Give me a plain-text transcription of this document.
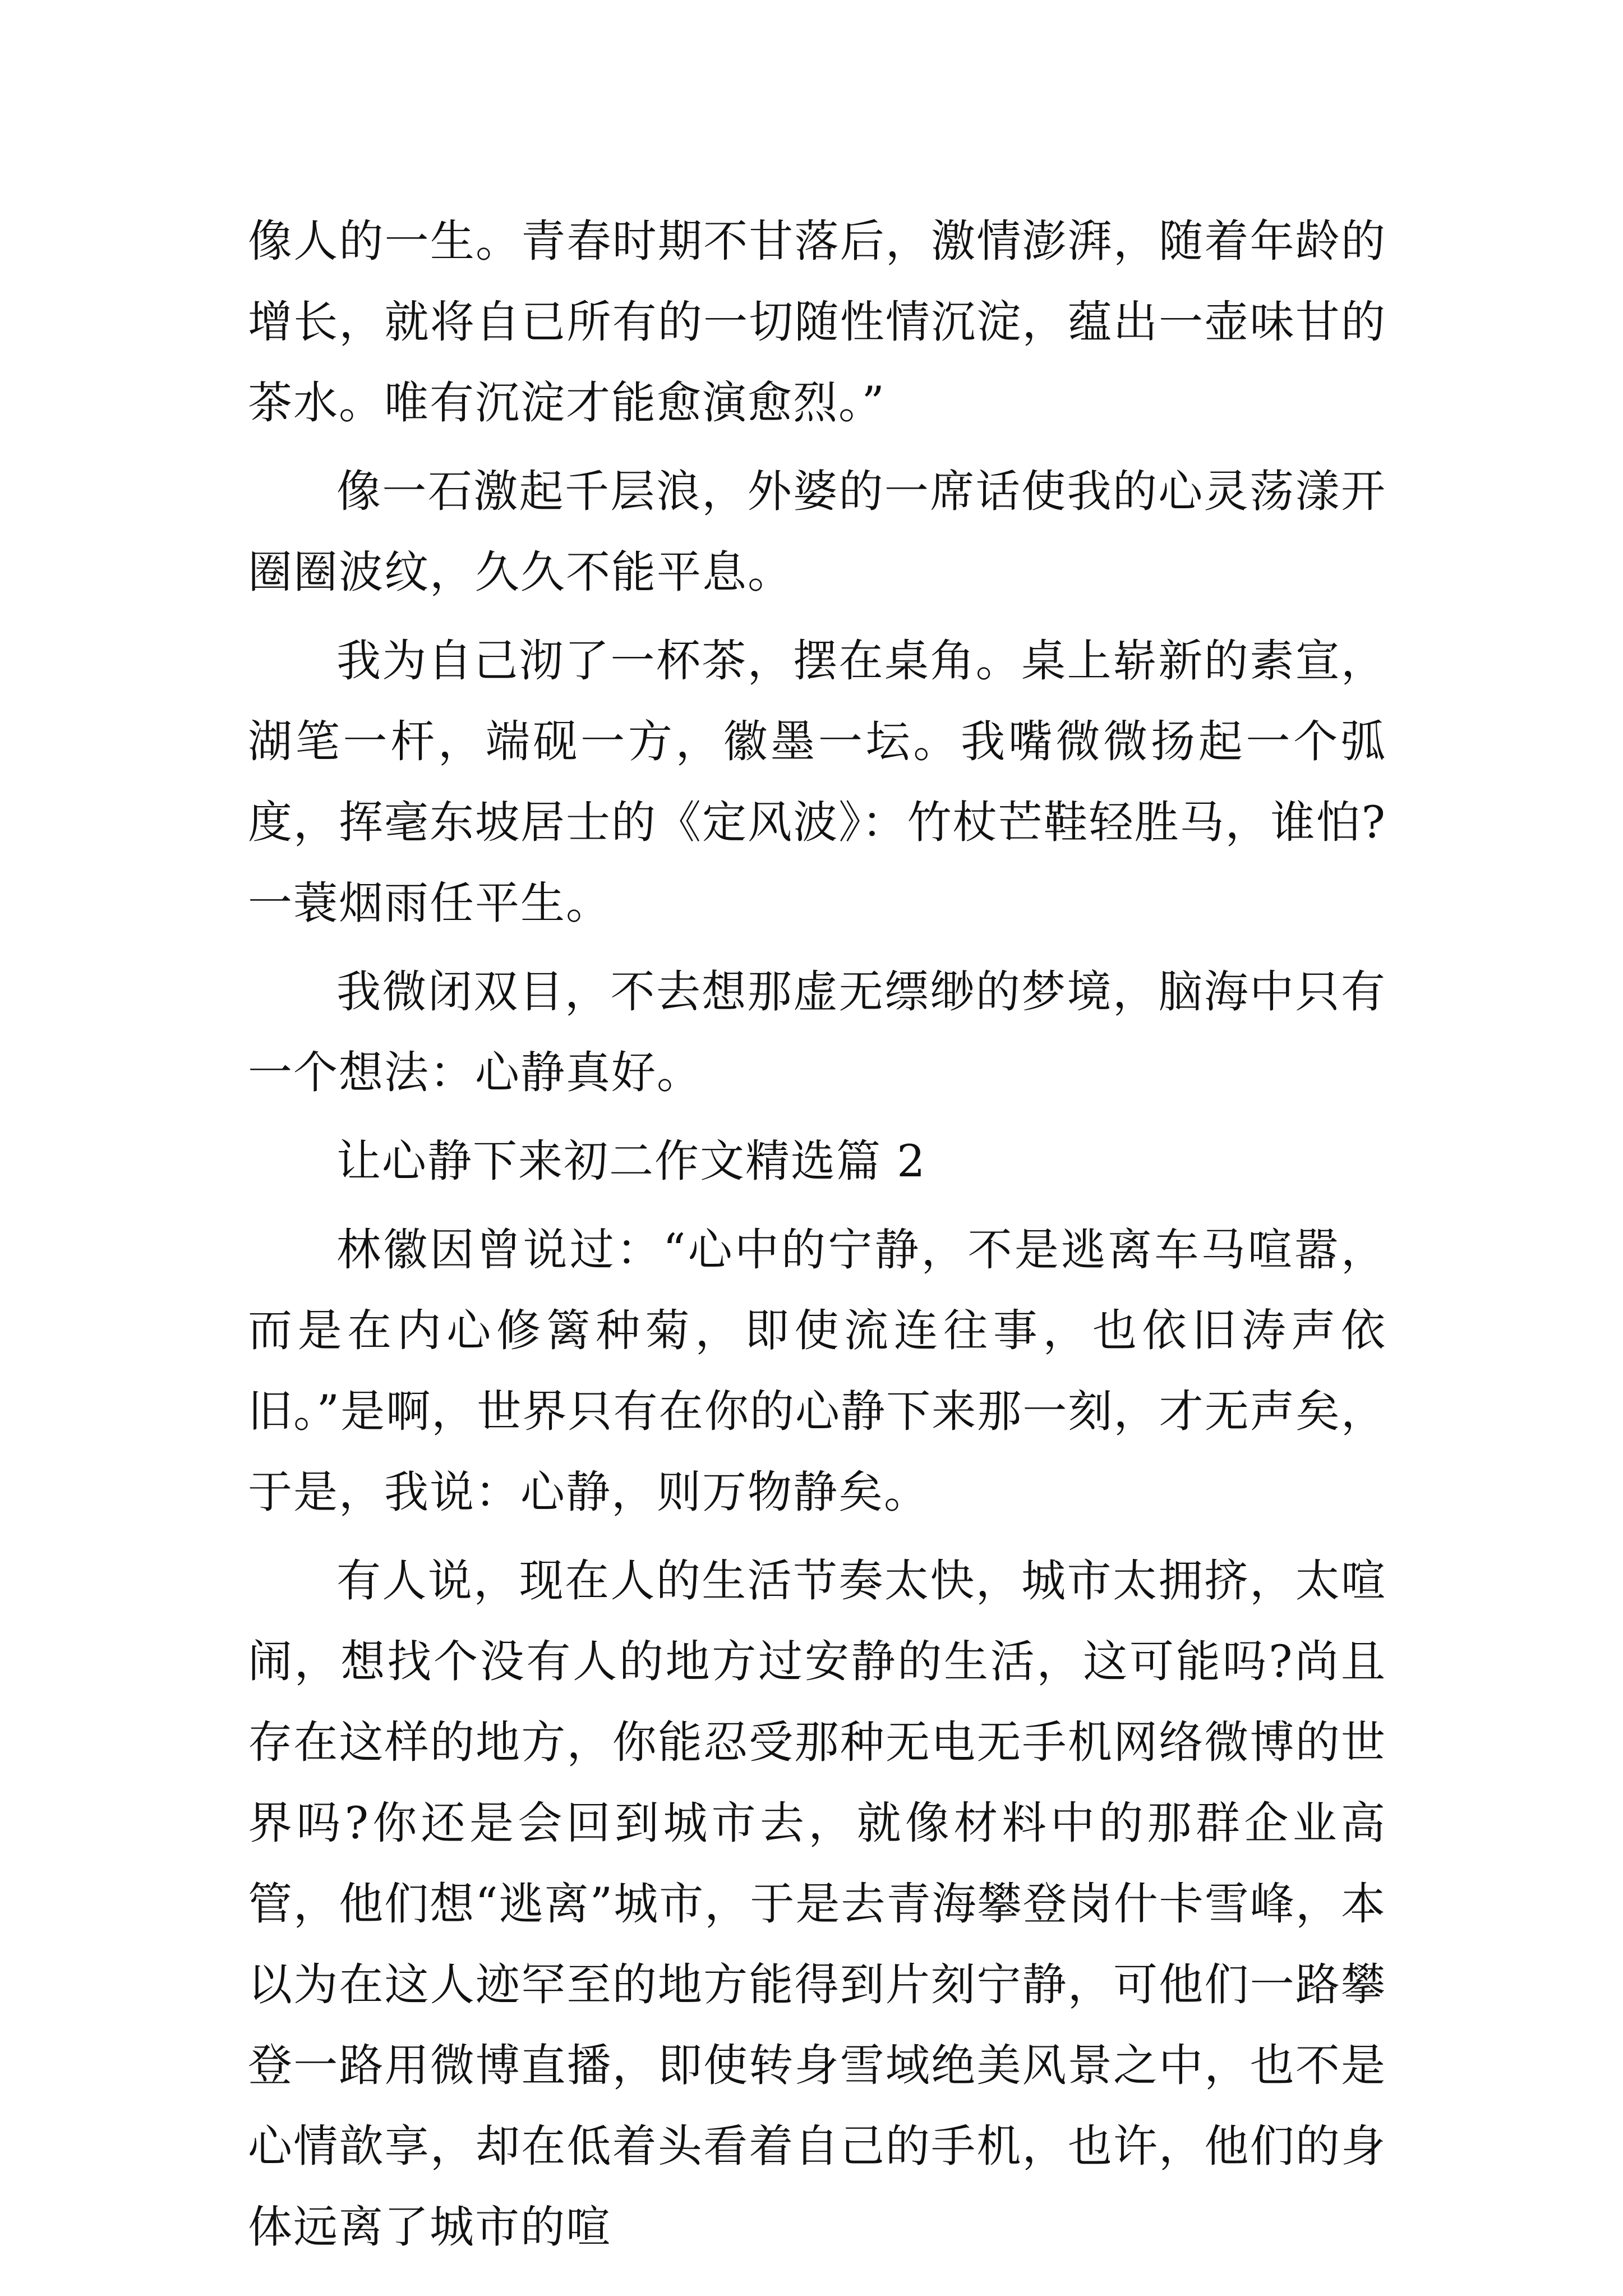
像人的一生。青春时期不甘落后，激情澎湃，随着年龄的增长，就将自已所有的一切随性情沉淀，蕴出一壶味甘的茶水。唯有沉淀才能愈演愈烈。”

像一石激起千层浪，外婆的一席话使我的心灵荡漾开圈圈波纹，久久不能平息。

我为自己沏了一杯茶，摆在桌角。桌上崭新的素宣，湖笔一杆，端砚一方，徽墨一坛。我嘴微微扬起一个弧度，挥毫东坡居士的《定风波》：竹杖芒鞋轻胜马，谁怕?一蓑烟雨任平生。

我微闭双目，不去想那虚无缥缈的梦境，脑海中只有一个想法：心静真好。

让心静下来初二作文精选篇 2

林徽因曾说过：“心中的宁静，不是逃离车马喧嚣，而是在内心修篱种菊，即使流连往事，也依旧涛声依旧。”是啊，世界只有在你的心静下来那一刻，才无声矣，于是，我说：心静，则万物静矣。

有人说，现在人的生活节奏太快，城市太拥挤，太喧闹，想找个没有人的地方过安静的生活，这可能吗?尚且存在这样的地方，你能忍受那种无电无手机网络微博的世界吗?你还是会回到城市去，就像材料中的那群企业高管，他们想“逃离”城市，于是去青海攀登岗什卡雪峰，本以为在这人迹罕至的地方能得到片刻宁静，可他们一路攀登一路用微博直播，即使转身雪域绝美风景之中，也不是心情歆享，却在低着头看着自己的手机，也许，他们的身体远离了城市的喧
